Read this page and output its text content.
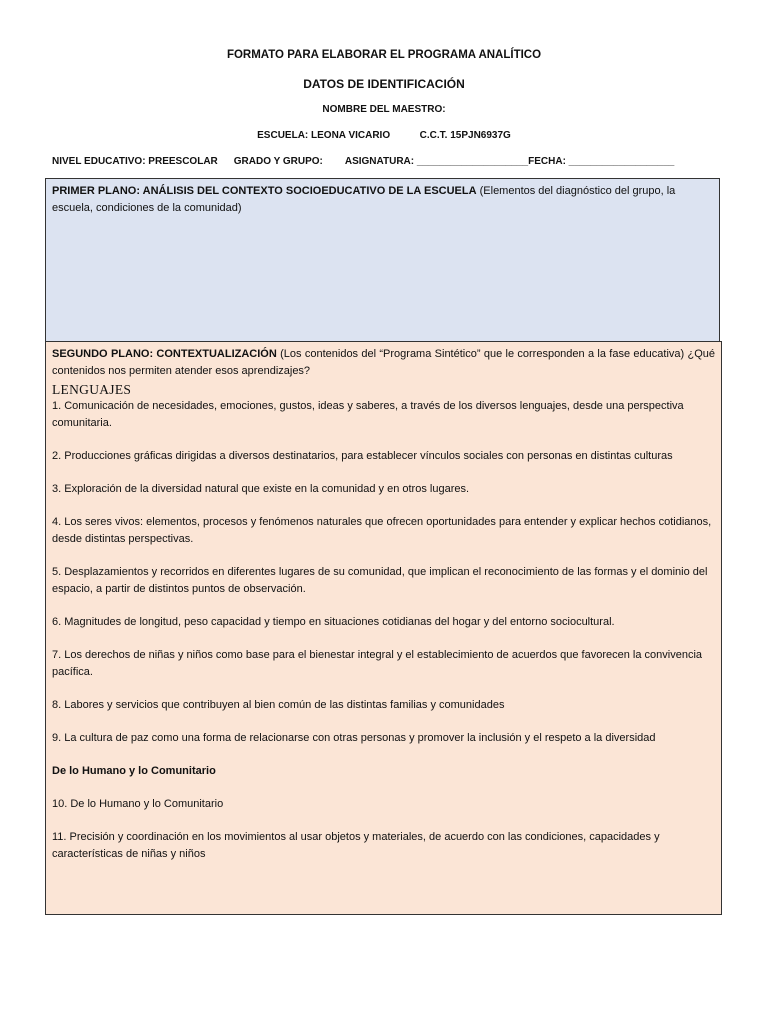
FORMATO PARA ELABORAR EL PROGRAMA ANALÍTICO
DATOS DE IDENTIFICACIÓN
NOMBRE DEL MAESTRO:
ESCUELA: LEONA VICARIO	C.C.T. 15PJN6937G
NIVEL EDUCATIVO: PREESCOLAR GRADO Y GRUPO: ASIGNATURA: ____________________FECHA: ___________________
PRIMER PLANO: ANÁLISIS DEL CONTEXTO SOCIOEDUCATIVO DE LA ESCUELA (Elementos del diagnóstico del grupo, la escuela, condiciones de la comunidad)
SEGUNDO PLANO: CONTEXTUALIZACIÓN (Los contenidos del “Programa Sintético” que le corresponden a la fase educativa) ¿Qué contenidos nos permiten atender esos aprendizajes?
LENGUAJES
1. Comunicación de necesidades, emociones, gustos, ideas y saberes, a través de los diversos lenguajes, desde una perspectiva comunitaria.
2. Producciones gráficas dirigidas a diversos destinatarios, para establecer vínculos sociales con personas en distintas culturas
3. Exploración de la diversidad natural que existe en la comunidad y en otros lugares.
4. Los seres vivos: elementos, procesos y fenómenos naturales que ofrecen oportunidades para entender y explicar hechos cotidianos, desde distintas perspectivas.
5. Desplazamientos y recorridos en diferentes lugares de su comunidad, que implican el reconocimiento de las formas y el dominio del espacio, a partir de distintos puntos de observación.
6. Magnitudes de longitud, peso capacidad y tiempo en situaciones cotidianas del hogar y del entorno sociocultural.
7. Los derechos de niñas y niños como base para el bienestar integral y el establecimiento de acuerdos que favorecen la convivencia pacífica.
8. Labores y servicios que contribuyen al bien común de las distintas familias y comunidades
9. La cultura de paz como una forma de relacionarse con otras personas y promover la inclusión y el respeto a la diversidad
De lo Humano y lo Comunitario
10. De lo Humano y lo Comunitario
11. Precisión y coordinación en los movimientos al usar objetos y materiales, de acuerdo con las condiciones, capacidades y características de niñas y niños
